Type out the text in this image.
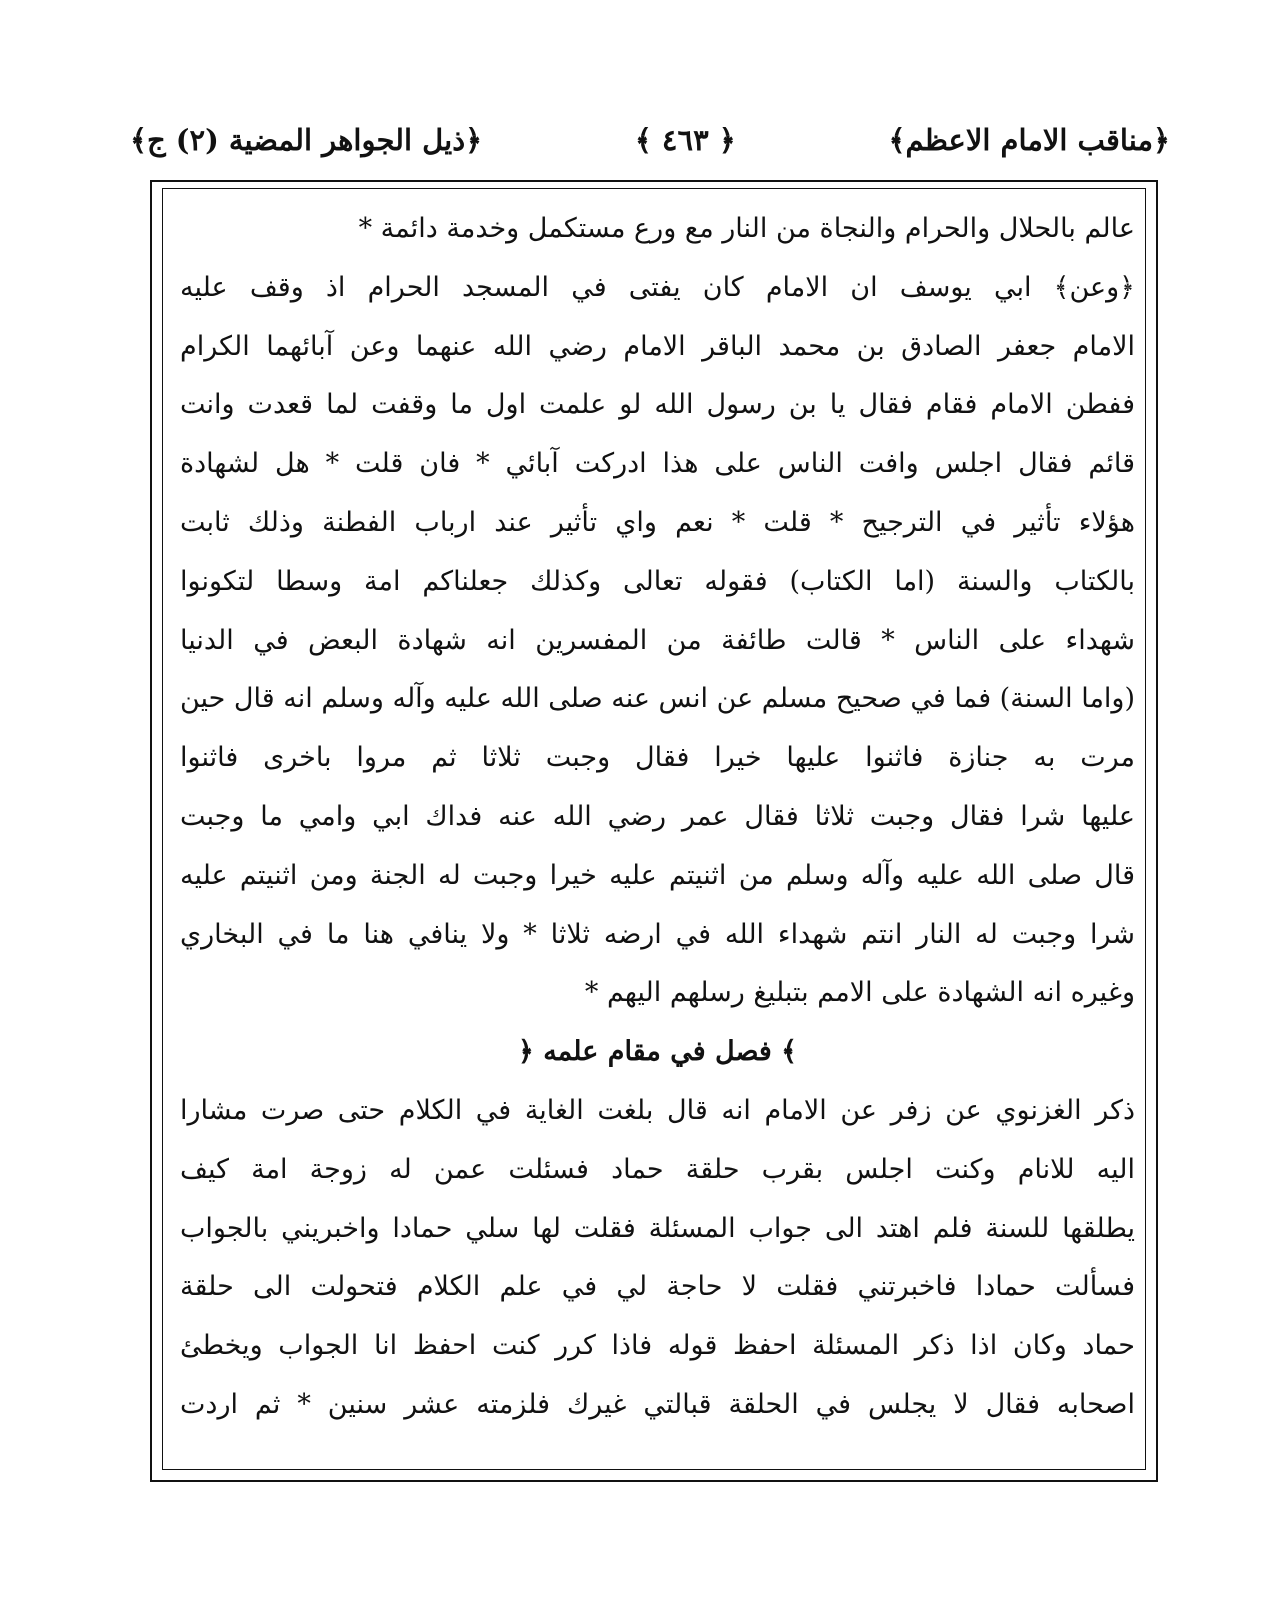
﴿مناقب الامام الاعظم﴾
﴿ ٤٦٣ ﴾
﴿ذيل الجواهر المضية (٢) ج﴾
عالم بالحلال والحرام والنجاة من النار مع ورع مستكمل وخدمة دائمة *
﴿وعن﴾ ابي يوسف ان الامام كان يفتى في المسجد الحرام اذ وقف عليه
الامام جعفر الصادق بن محمد الباقر الامام رضي الله عنهما وعن آبائهما الكرام
ففطن الامام فقام فقال يا بن رسول الله لو علمت اول ما وقفت لما قعدت وانت
قائم فقال اجلس وافت الناس على هذا ادركت آبائي * فان قلت * هل لشهادة
هؤلاء تأثير في الترجيح * قلت * نعم واي تأثير عند ارباب الفطنة وذلك ثابت
بالكتاب والسنة (اما الكتاب) فقوله تعالى وكذلك جعلناكم امة وسطا لتكونوا
شهداء على الناس * قالت طائفة من المفسرين انه شهادة البعض في الدنيا
(واما السنة) فما في صحيح مسلم عن انس عنه صلى الله عليه وآله وسلم انه قال حين
مرت به جنازة فاثنوا عليها خيرا فقال وجبت ثلاثا ثم مروا باخرى فاثنوا
عليها شرا فقال وجبت ثلاثا فقال عمر رضي الله عنه فداك ابي وامي ما وجبت
قال صلى الله عليه وآله وسلم من اثنيتم عليه خيرا وجبت له الجنة ومن اثنيتم عليه
شرا وجبت له النار انتم شهداء الله في ارضه ثلاثا * ولا ينافي هنا ما في البخاري
وغيره انه الشهادة على الامم بتبليغ رسلهم اليهم *
﴾ فصل في مقام علمه ﴿
ذكر الغزنوي عن زفر عن الامام انه قال بلغت الغاية في الكلام حتى صرت مشارا
اليه للانام وكنت اجلس بقرب حلقة حماد فسئلت عمن له زوجة امة كيف
يطلقها للسنة فلم اهتد الى جواب المسئلة فقلت لها سلي حمادا واخبريني بالجواب
فسألت حمادا فاخبرتني فقلت لا حاجة لي في علم الكلام فتحولت الى حلقة
حماد وكان اذا ذكر المسئلة احفظ قوله فاذا كرر كنت احفظ انا الجواب ويخطئ
اصحابه فقال لا يجلس في الحلقة قبالتي غيرك فلزمته عشر سنين * ثم اردت
